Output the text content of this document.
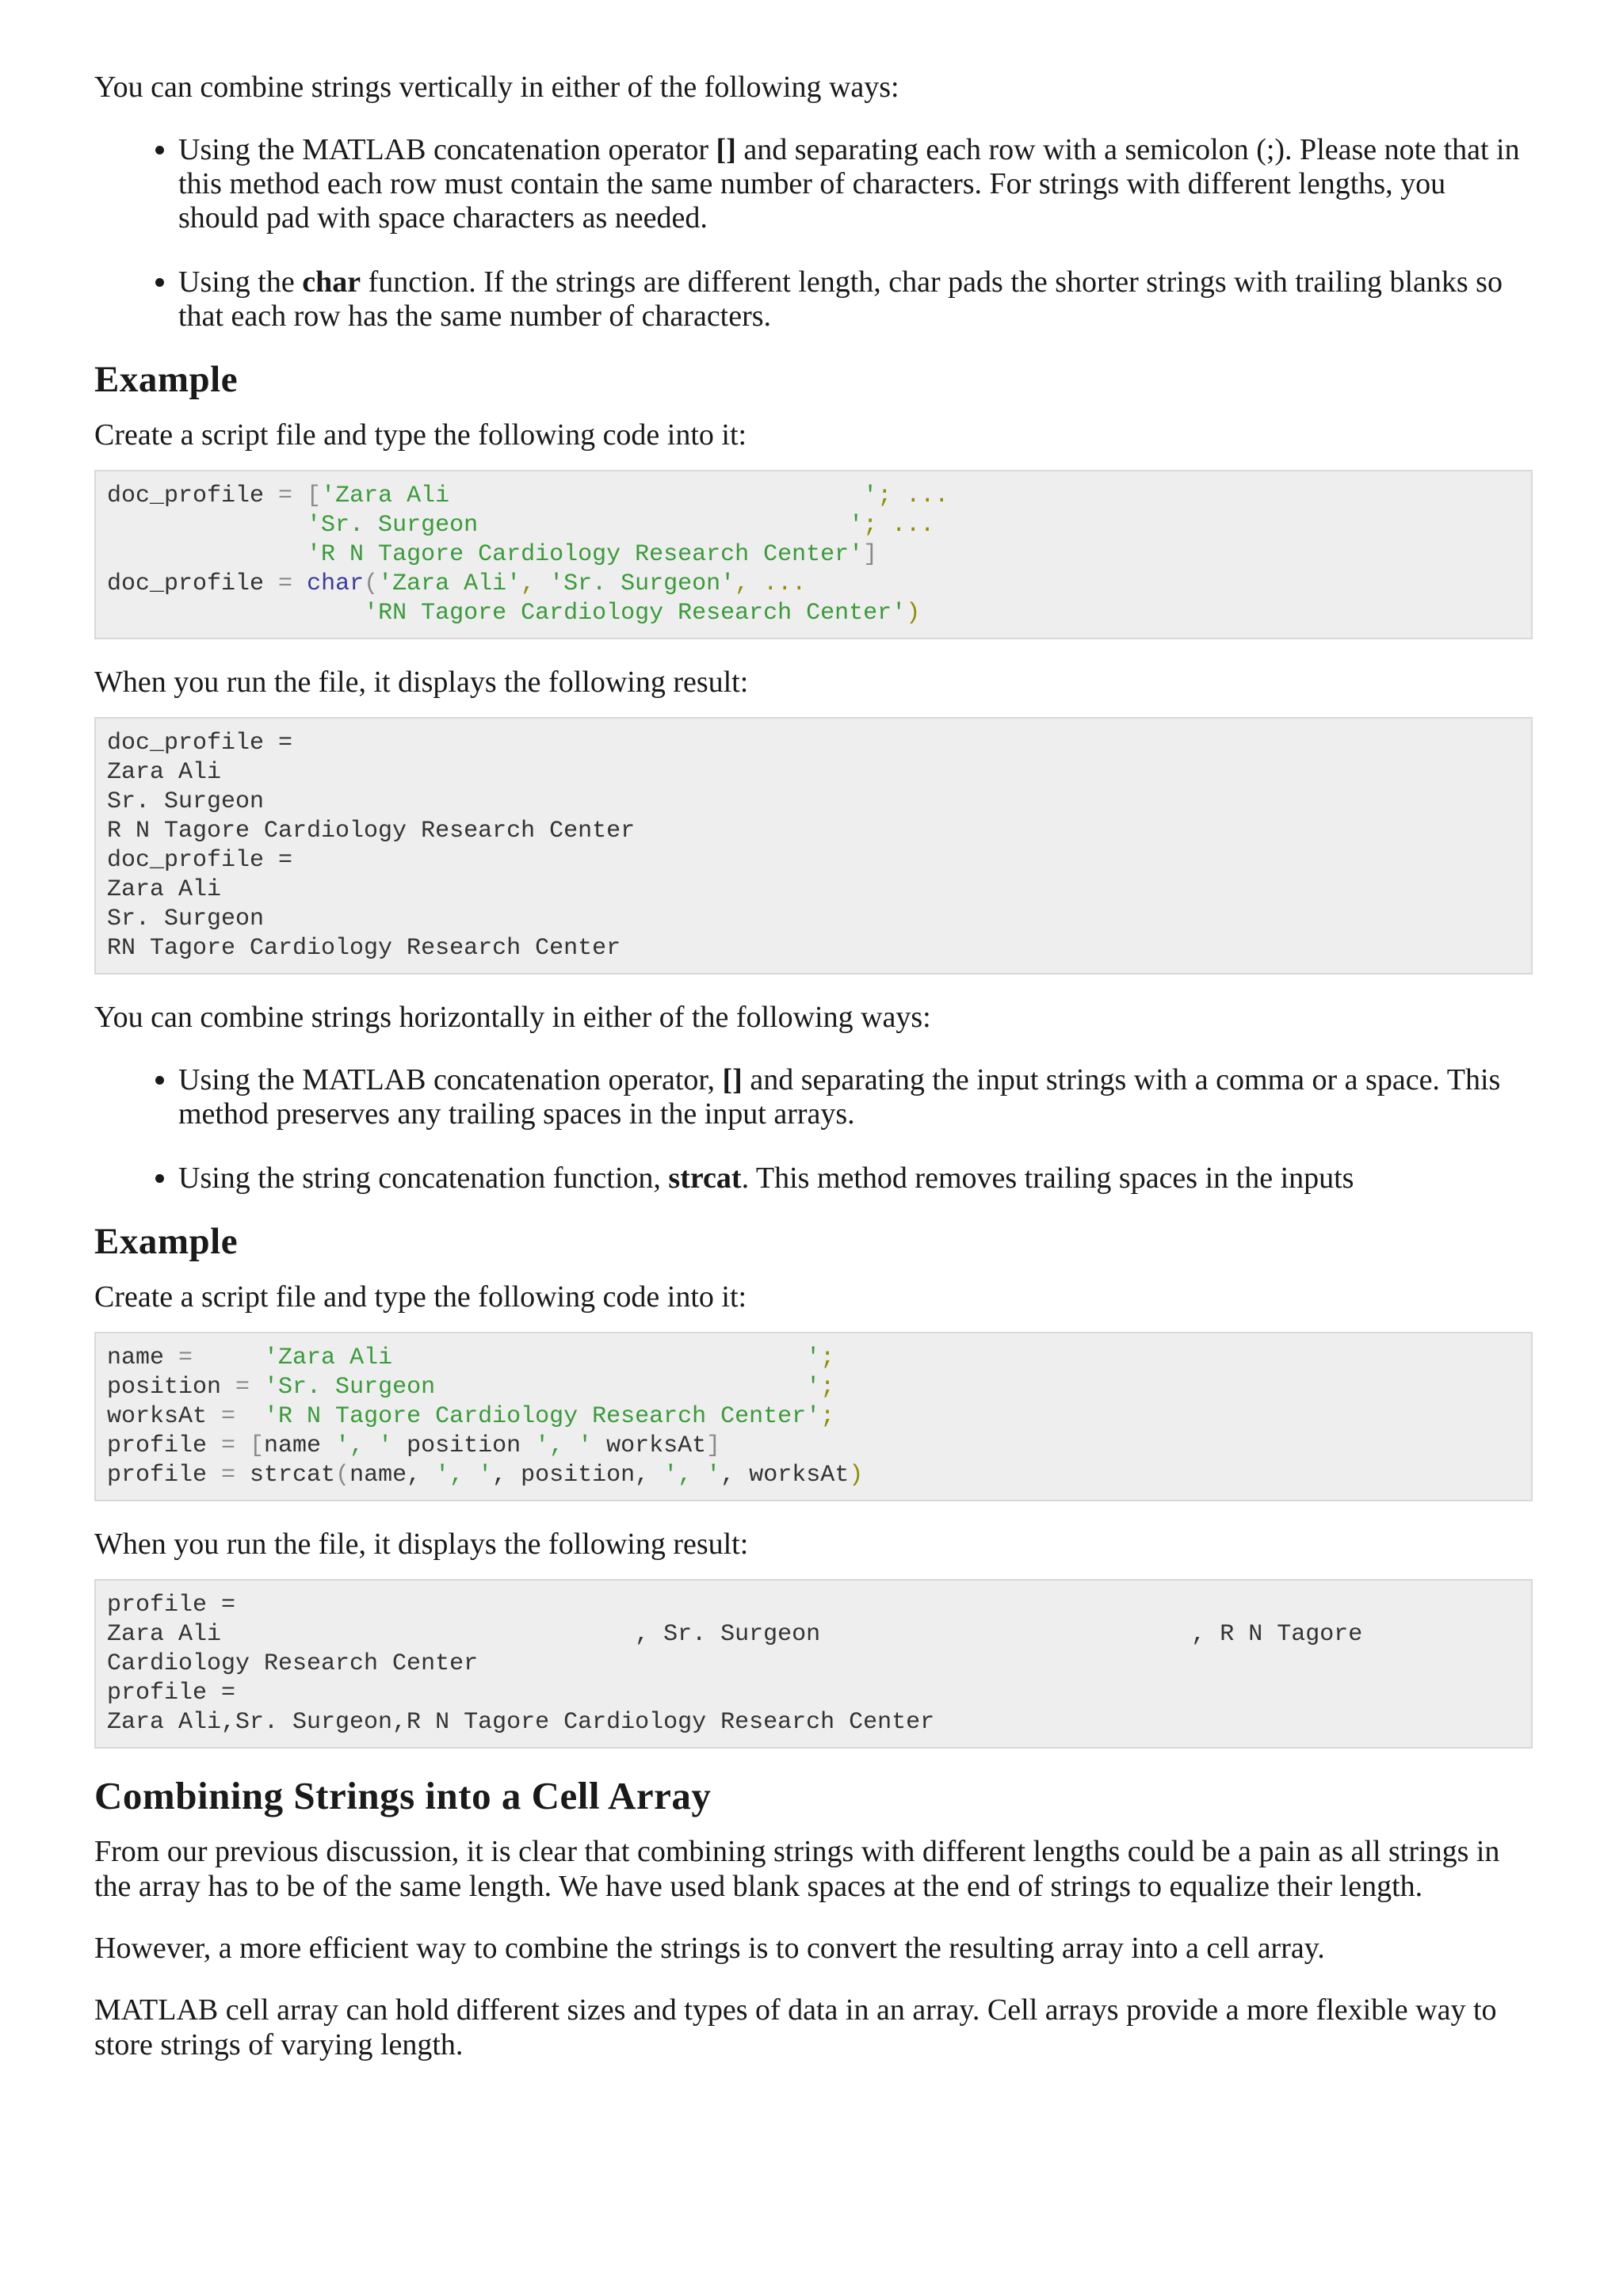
You can combine strings vertically in either of the following ways:

• Using the MATLAB concatenation operator [] and separating each row with a semicolon (;). Please note that in this method each row must contain the same number of characters. For strings with different lengths, you should pad with space characters as needed.
• Using the char function. If the strings are different length, char pads the shorter strings with trailing blanks so that each row has the same number of characters.
Example

Create a script file and type the following code into it:

doc_profile = ['Zara Ali                             '; ...
'Sr. Surgeon                          '; ...
'R N Tagore Cardiology Research Center']
doc_profile = char('Zara Ali', 'Sr. Surgeon', ...
'RN Tagore Cardiology Research Center')

When you run the file, it displays the following result:

doc_profile =
Zara Ali
Sr. Surgeon
R N Tagore Cardiology Research Center
doc_profile =
Zara Ali
Sr. Surgeon
RN Tagore Cardiology Research Center

You can combine strings horizontally in either of the following ways:

• Using the MATLAB concatenation operator, [] and separating the input strings with a comma or a space. This method preserves any trailing spaces in the input arrays.
• Using the string concatenation function, strcat. This method removes trailing spaces in the inputs
Example

Create a script file and type the following code into it:

name =     'Zara Ali                             ';
position = 'Sr. Surgeon                          ';
worksAt =  'R N Tagore Cardiology Research Center';
profile = [name ', ' position ', ' worksAt]
profile = strcat(name, ', ', position, ', ', worksAt)

When you run the file, it displays the following result:

profile =
Zara Ali                             , Sr. Surgeon                          , R N Tagore
Cardiology Research Center
profile =
Zara Ali,Sr. Surgeon,R N Tagore Cardiology Research Center
Combining Strings into a Cell Array

From our previous discussion, it is clear that combining strings with different lengths could be a pain as all strings in the array has to be of the same length. We have used blank spaces at the end of strings to equalize their length.

However, a more efficient way to combine the strings is to convert the resulting array into a cell array.

MATLAB cell array can hold different sizes and types of data in an array. Cell arrays provide a more flexible way to store strings of varying length.
